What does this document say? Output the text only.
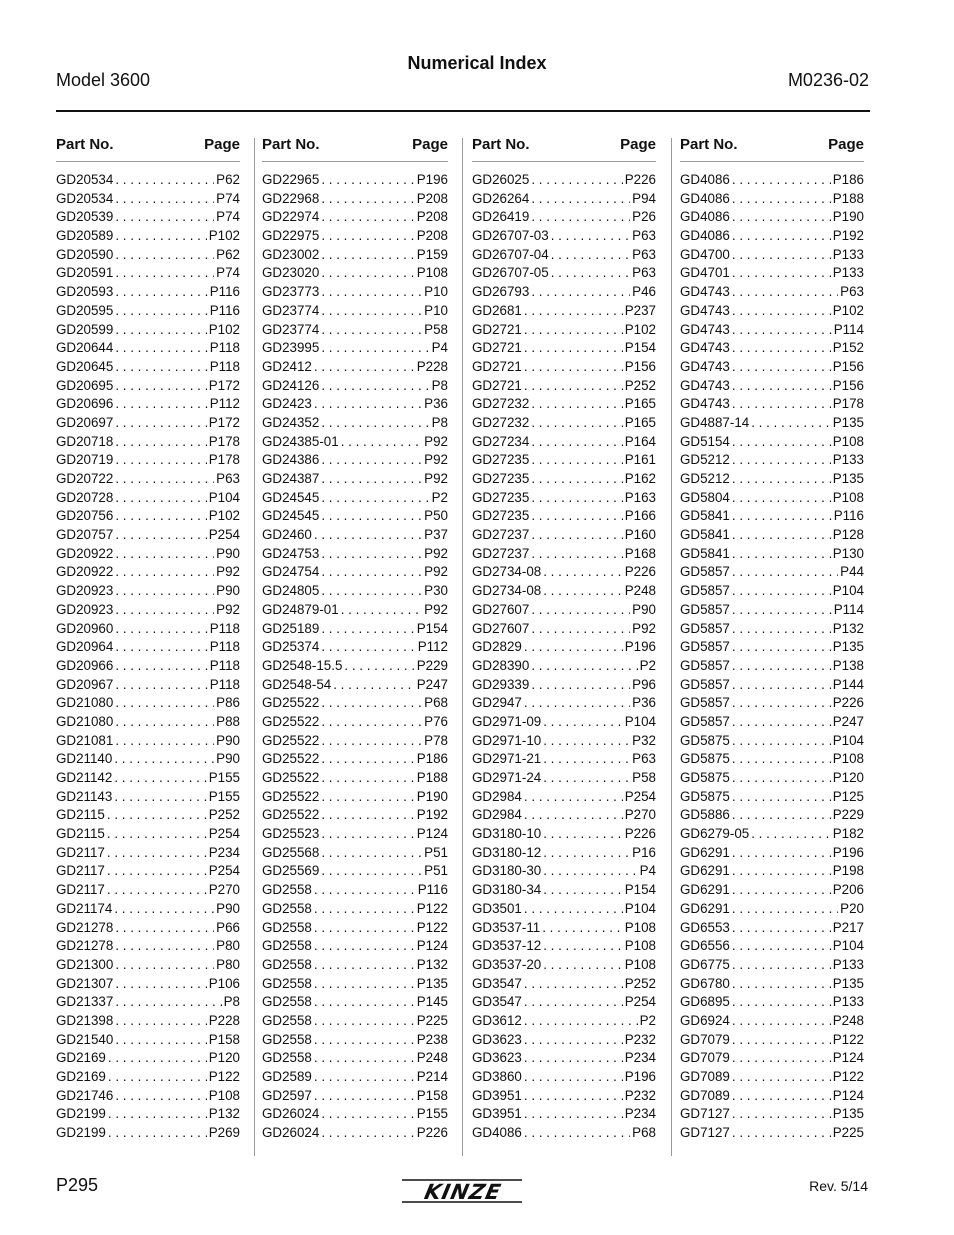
Numerical Index
Model 3600	M0236-02
Part No.	Page
GD20534 . . .	P62
GD20534 . . .	P74
GD20539 . . .	P74
GD20589 . . .	P102
GD20590 . . .	P62
GD20591 . . .	P74
GD20593 . . .	P116
GD20595 . . .	P116
GD20599 . . .	P102
GD20644 . . .	P118
GD20645 . . .	P118
GD20695 . . .	P172
GD20696 . . .	P112
GD20697 . . .	P172
GD20718 . . .	P178
GD20719 . . .	P178
GD20722 . . .	P63
GD20728 . . .	P104
GD20756 . . .	P102
GD20757 . . .	P254
GD20922 . . .	P90
GD20922 . . .	P92
GD20923 . . .	P90
GD20923 . . .	P92
GD20960 . . .	P118
GD20964 . . .	P118
GD20966 . . .	P118
GD20967 . . .	P118
GD21080 . . .	P86
GD21080 . . .	P88
GD21081 . . .	P90
GD21140 . . .	P90
GD21142 . . .	P155
GD21143 . . .	P155
GD2115 . . .	P252
GD2115 . . .	P254
GD2117 . . .	P234
GD2117 . . .	P254
GD2117 . . .	P270
GD21174 . . .	P90
GD21278 . . .	P66
GD21278 . . .	P80
GD21300 . . .	P80
GD21307 . . .	P106
GD21337 . . .	P8
GD21398 . . .	P228
GD21540 . . .	P158
GD2169 . . .	P120
GD2169 . . .	P122
GD21746 . . .	P108
GD2199 . . .	P132
GD2199 . . .	P269
Part No.	Page
GD22965 . . .	P196
GD22968 . . .	P208
GD22974 . . .	P208
GD22975 . . .	P208
GD23002 . . .	P159
GD23020 . . .	P108
GD23773 . . .	P10
GD23774 . . .	P10
GD23774 . . .	P58
GD23995 . . .	P4
GD2412 . . .	P228
GD24126 . . .	P8
GD2423 . . .	P36
GD24352 . . .	P8
GD24385-01 . . .	P92
GD24386 . . .	P92
GD24387 . . .	P92
GD24545 . . .	P2
GD24545 . . .	P50
GD2460 . . .	P37
GD24753 . . .	P92
GD24754 . . .	P92
GD24805 . . .	P30
GD24879-01 . . .	P92
GD25189 . . .	P154
GD25374 . . .	P112
GD2548-15.5 . . .	P229
GD2548-54 . . .	P247
GD25522 . . .	P68
GD25522 . . .	P76
GD25522 . . .	P78
GD25522 . . .	P186
GD25522 . . .	P188
GD25522 . . .	P190
GD25522 . . .	P192
GD25523 . . .	P124
GD25568 . . .	P51
GD25569 . . .	P51
GD2558 . . .	P116
GD2558 . . .	P122
GD2558 . . .	P122
GD2558 . . .	P124
GD2558 . . .	P132
GD2558 . . .	P135
GD2558 . . .	P145
GD2558 . . .	P225
GD2558 . . .	P238
GD2558 . . .	P248
GD2589 . . .	P214
GD2597 . . .	P158
GD26024 . . .	P155
GD26024 . . .	P226
Part No.	Page
GD26025 . . .	P226
GD26264 . . .	P94
GD26419 . . .	P26
GD26707-03 . . .	P63
GD26707-04 . . .	P63
GD26707-05 . . .	P63
GD26793 . . .	P46
GD2681 . . .	P237
GD2721 . . .	P102
GD2721 . . .	P154
GD2721 . . .	P156
GD2721 . . .	P252
GD27232 . . .	P165
GD27232 . . .	P165
GD27234 . . .	P164
GD27235 . . .	P161
GD27235 . . .	P162
GD27235 . . .	P163
GD27235 . . .	P166
GD27237 . . .	P160
GD27237 . . .	P168
GD2734-08 . . .	P226
GD2734-08 . . .	P248
GD27607 . . .	P90
GD27607 . . .	P92
GD2829 . . .	P196
GD28390 . . .	P2
GD29339 . . .	P96
GD2947 . . .	P36
GD2971-09 . . .	P104
GD2971-10 . . .	P32
GD2971-21 . . .	P63
GD2971-24 . . .	P58
GD2984 . . .	P254
GD2984 . . .	P270
GD3180-10 . . .	P226
GD3180-12 . . .	P16
GD3180-30 . . .	P4
GD3180-34 . . .	P154
GD3501 . . .	P104
GD3537-11 . . .	P108
GD3537-12 . . .	P108
GD3537-20 . . .	P108
GD3547 . . .	P252
GD3547 . . .	P254
GD3612 . . .	P2
GD3623 . . .	P232
GD3623 . . .	P234
GD3860 . . .	P196
GD3951 . . .	P232
GD3951 . . .	P234
GD4086 . . .	P68
Part No.	Page
GD4086 . . .	P186
GD4086 . . .	P188
GD4086 . . .	P190
GD4086 . . .	P192
GD4700 . . .	P133
GD4701 . . .	P133
GD4743 . . .	P63
GD4743 . . .	P102
GD4743 . . .	P114
GD4743 . . .	P152
GD4743 . . .	P156
GD4743 . . .	P156
GD4743 . . .	P178
GD4887-14 . . .	P135
GD5154 . . .	P108
GD5212 . . .	P133
GD5212 . . .	P135
GD5804 . . .	P108
GD5841 . . .	P116
GD5841 . . .	P128
GD5841 . . .	P130
GD5857 . . .	P44
GD5857 . . .	P104
GD5857 . . .	P114
GD5857 . . .	P132
GD5857 . . .	P135
GD5857 . . .	P138
GD5857 . . .	P144
GD5857 . . .	P226
GD5857 . . .	P247
GD5875 . . .	P104
GD5875 . . .	P108
GD5875 . . .	P120
GD5875 . . .	P125
GD5886 . . .	P229
GD6279-05 . . .	P182
GD6291 . . .	P196
GD6291 . . .	P198
GD6291 . . .	P206
GD6291 . . .	P20
GD6553 . . .	P217
GD6556 . . .	P104
GD6775 . . .	P133
GD6780 . . .	P135
GD6895 . . .	P133
GD6924 . . .	P248
GD7079 . . .	P122
GD7079 . . .	P124
GD7089 . . .	P122
GD7089 . . .	P124
GD7127 . . .	P135
GD7127 . . .	P225
P295	KINZE	Rev. 5/14
